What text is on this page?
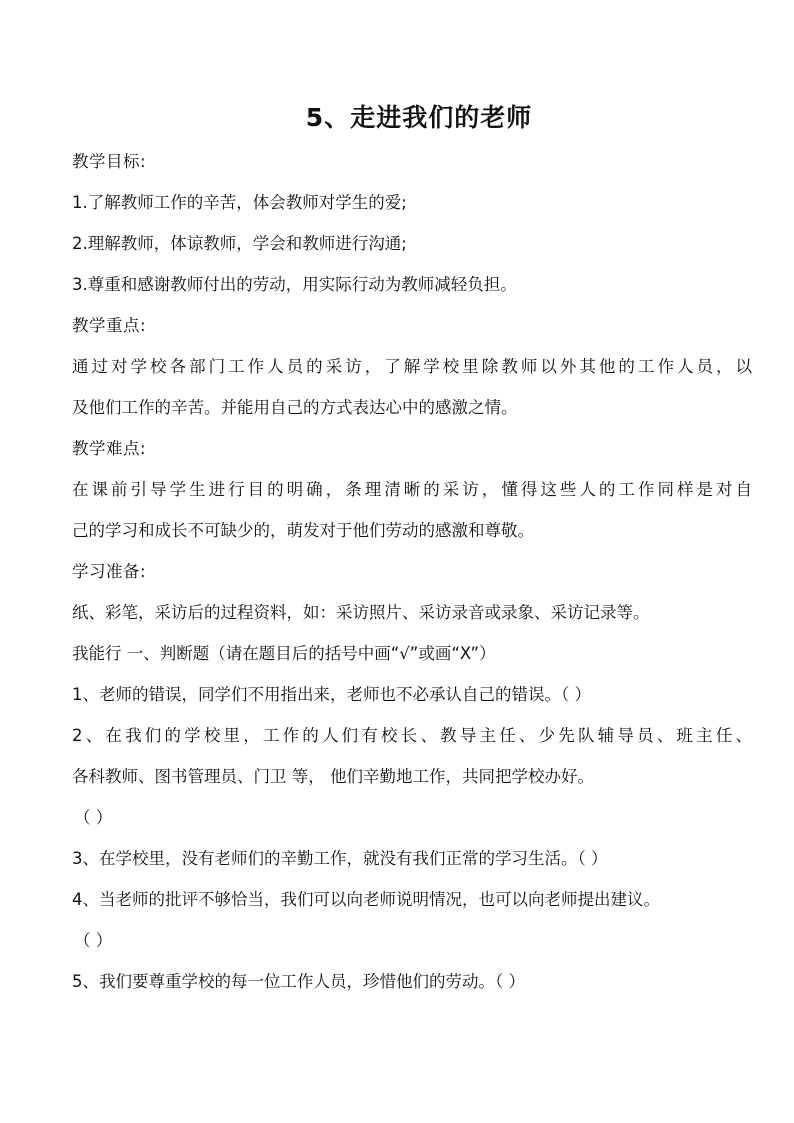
5、走进我们的老师

教学目标:

1.了解教师工作的辛苦，体会教师对学生的爱;

2.理解教师，体谅教师，学会和教师进行沟通;

3.尊重和感谢教师付出的劳动，用实际行动为教师减轻负担。

教学重点:

通过对学校各部门工作人员的采访，了解学校里除教师以外其他的工作人员，以

及他们工作的辛苦。并能用自己的方式表达心中的感激之情。

教学难点:

在课前引导学生进行目的明确，条理清晰的采访，懂得这些人的工作同样是对自

己的学习和成长不可缺少的，萌发对于他们劳动的感激和尊敬。

学习准备:

纸、彩笔，采访后的过程资料，如：采访照片、采访录音或录象、采访记录等。

我能行 一、判断题（请在题目后的括号中画“√”或画“X”）

1、老师的错误，同学们不用指出来，老师也不必承认自己的错误。（ ）

2、在我们的学校里，工作的人们有校长、教导主任、少先队辅导员、班主任、

各科教师、图书管理员、门卫 等， 他们辛勤地工作，共同把学校办好。

（ ）

3、在学校里，没有老师们的辛勤工作，就没有我们正常的学习生活。（ ）

4、当老师的批评不够恰当，我们可以向老师说明情况，也可以向老师提出建议。

（ ）

5、我们要尊重学校的每一位工作人员，珍惜他们的劳动。（ ）
